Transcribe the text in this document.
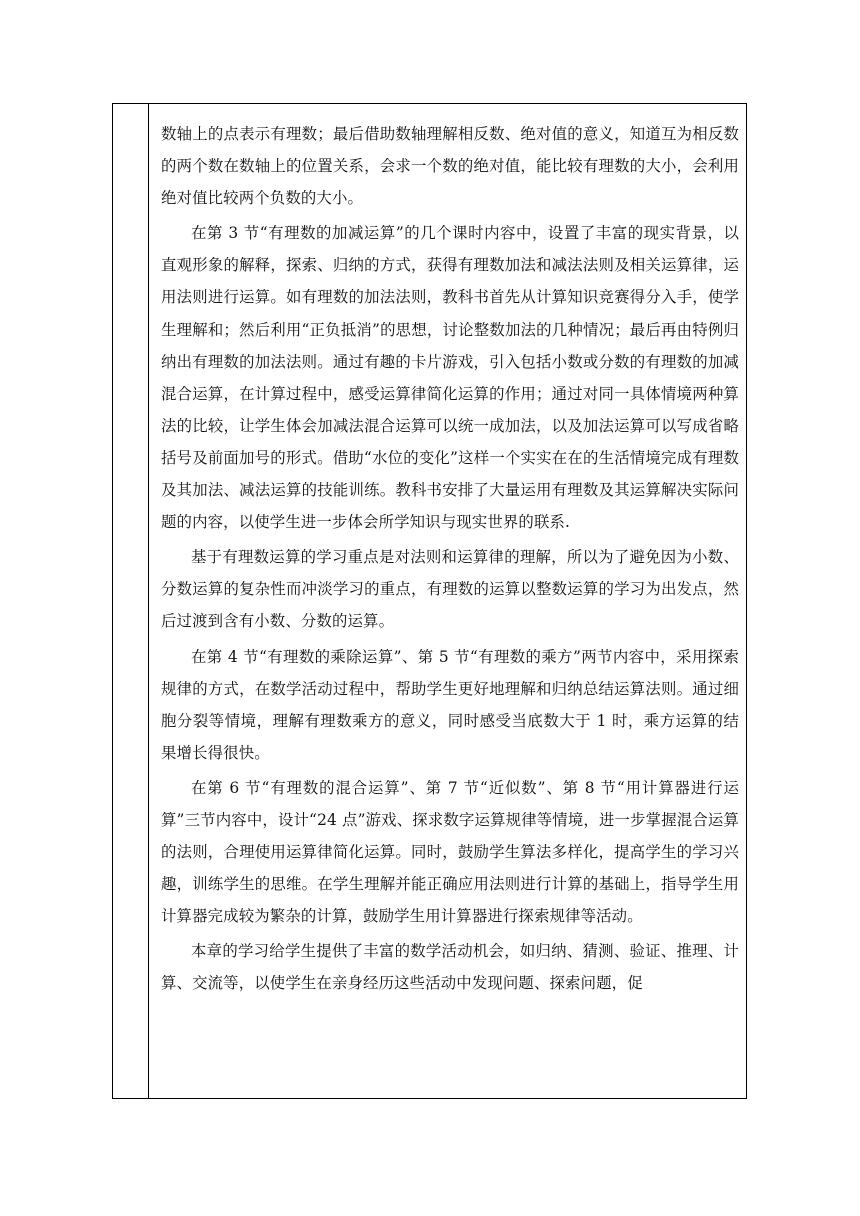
数轴上的点表示有理数；最后借助数轴理解相反数、绝对值的意义，知道互为相反数的两个数在数轴上的位置关系，会求一个数的绝对值，能比较有理数的大小，会利用绝对值比较两个负数的大小。

在第 3 节“有理数的加减运算”的几个课时内容中，设置了丰富的现实背景，以直观形象的解释，探索、归纳的方式，获得有理数加法和减法法则及相关运算律，运用法则进行运算。如有理数的加法法则，教科书首先从计算知识竞赛得分入手，使学生理解和；然后利用“正负抵消”的思想，讨论整数加法的几种情况；最后再由特例归纳出有理数的加法法则。通过有趣的卡片游戏，引入包括小数或分数的有理数的加减混合运算，在计算过程中，感受运算律简化运算的作用；通过对同一具体情境两种算法的比较，让学生体会加减法混合运算可以统一成加法，以及加法运算可以写成省略括号及前面加号的形式。借助“水位的变化”这样一个实实在在的生活情境完成有理数及其加法、减法运算的技能训练。教科书安排了大量运用有理数及其运算解决实际问题的内容，以使学生进一步体会所学知识与现实世界的联系.

基于有理数运算的学习重点是对法则和运算律的理解，所以为了避免因为小数、分数运算的复杂性而冲淡学习的重点，有理数的运算以整数运算的学习为出发点，然后过渡到含有小数、分数的运算。

在第 4 节“有理数的乘除运算”、第 5 节“有理数的乘方”两节内容中，采用探索规律的方式，在数学活动过程中，帮助学生更好地理解和归纳总结运算法则。通过细胞分裂等情境，理解有理数乘方的意义，同时感受当底数大于 1 时，乘方运算的结果增长得很快。

在第 6 节“有理数的混合运算”、第 7 节“近似数”、第 8 节“用计算器进行运算”三节内容中，设计“24 点”游戏、探求数字运算规律等情境，进一步掌握混合运算的法则，合理使用运算律简化运算。同时，鼓励学生算法多样化，提高学生的学习兴趣，训练学生的思维。在学生理解并能正确应用法则进行计算的基础上，指导学生用计算器完成较为繁杂的计算，鼓励学生用计算器进行探索规律等活动。

本章的学习给学生提供了丰富的数学活动机会，如归纳、猜测、验证、推理、计算、交流等，以使学生在亲身经历这些活动中发现问题、探索问题，促
